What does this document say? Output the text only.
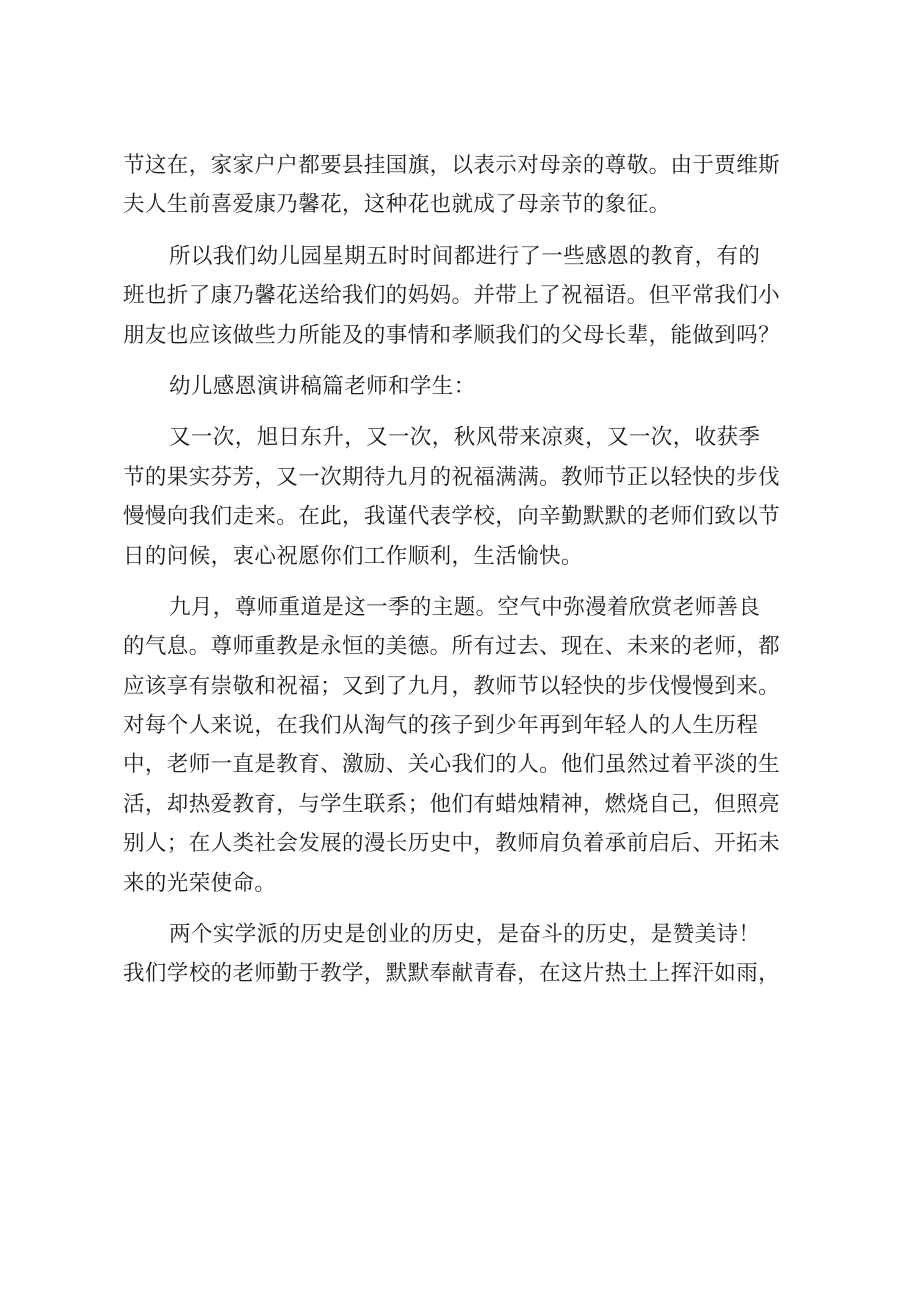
节这在，家家户户都要县挂国旗，以表示对母亲的尊敬。由于贾维斯
夫人生前喜爱康乃馨花，这种花也就成了母亲节的象征。
所以我们幼儿园星期五时时间都进行了一些感恩的教育，有的
班也折了康乃馨花送给我们的妈妈。并带上了祝福语。但平常我们小
朋友也应该做些力所能及的事情和孝顺我们的父母长辈，能做到吗？
幼儿感恩演讲稿篇老师和学生：
又一次，旭日东升，又一次，秋风带来凉爽，又一次，收获季
节的果实芬芳，又一次期待九月的祝福满满。教师节正以轻快的步伐
慢慢向我们走来。在此，我谨代表学校，向辛勤默默的老师们致以节
日的问候，衷心祝愿你们工作顺利，生活愉快。
九月，尊师重道是这一季的主题。空气中弥漫着欣赏老师善良
的气息。尊师重教是永恒的美德。所有过去、现在、未来的老师，都
应该享有崇敬和祝福；又到了九月，教师节以轻快的步伐慢慢到来。
对每个人来说，在我们从淘气的孩子到少年再到年轻人的人生历程
中，老师一直是教育、激励、关心我们的人。他们虽然过着平淡的生
活，却热爱教育，与学生联系；他们有蜡烛精神，燃烧自己，但照亮
别人；在人类社会发展的漫长历史中，教师肩负着承前启后、开拓未
来的光荣使命。
两个实学派的历史是创业的历史，是奋斗的历史，是赞美诗！
我们学校的老师勤于教学，默默奉献青春，在这片热土上挥汗如雨，
